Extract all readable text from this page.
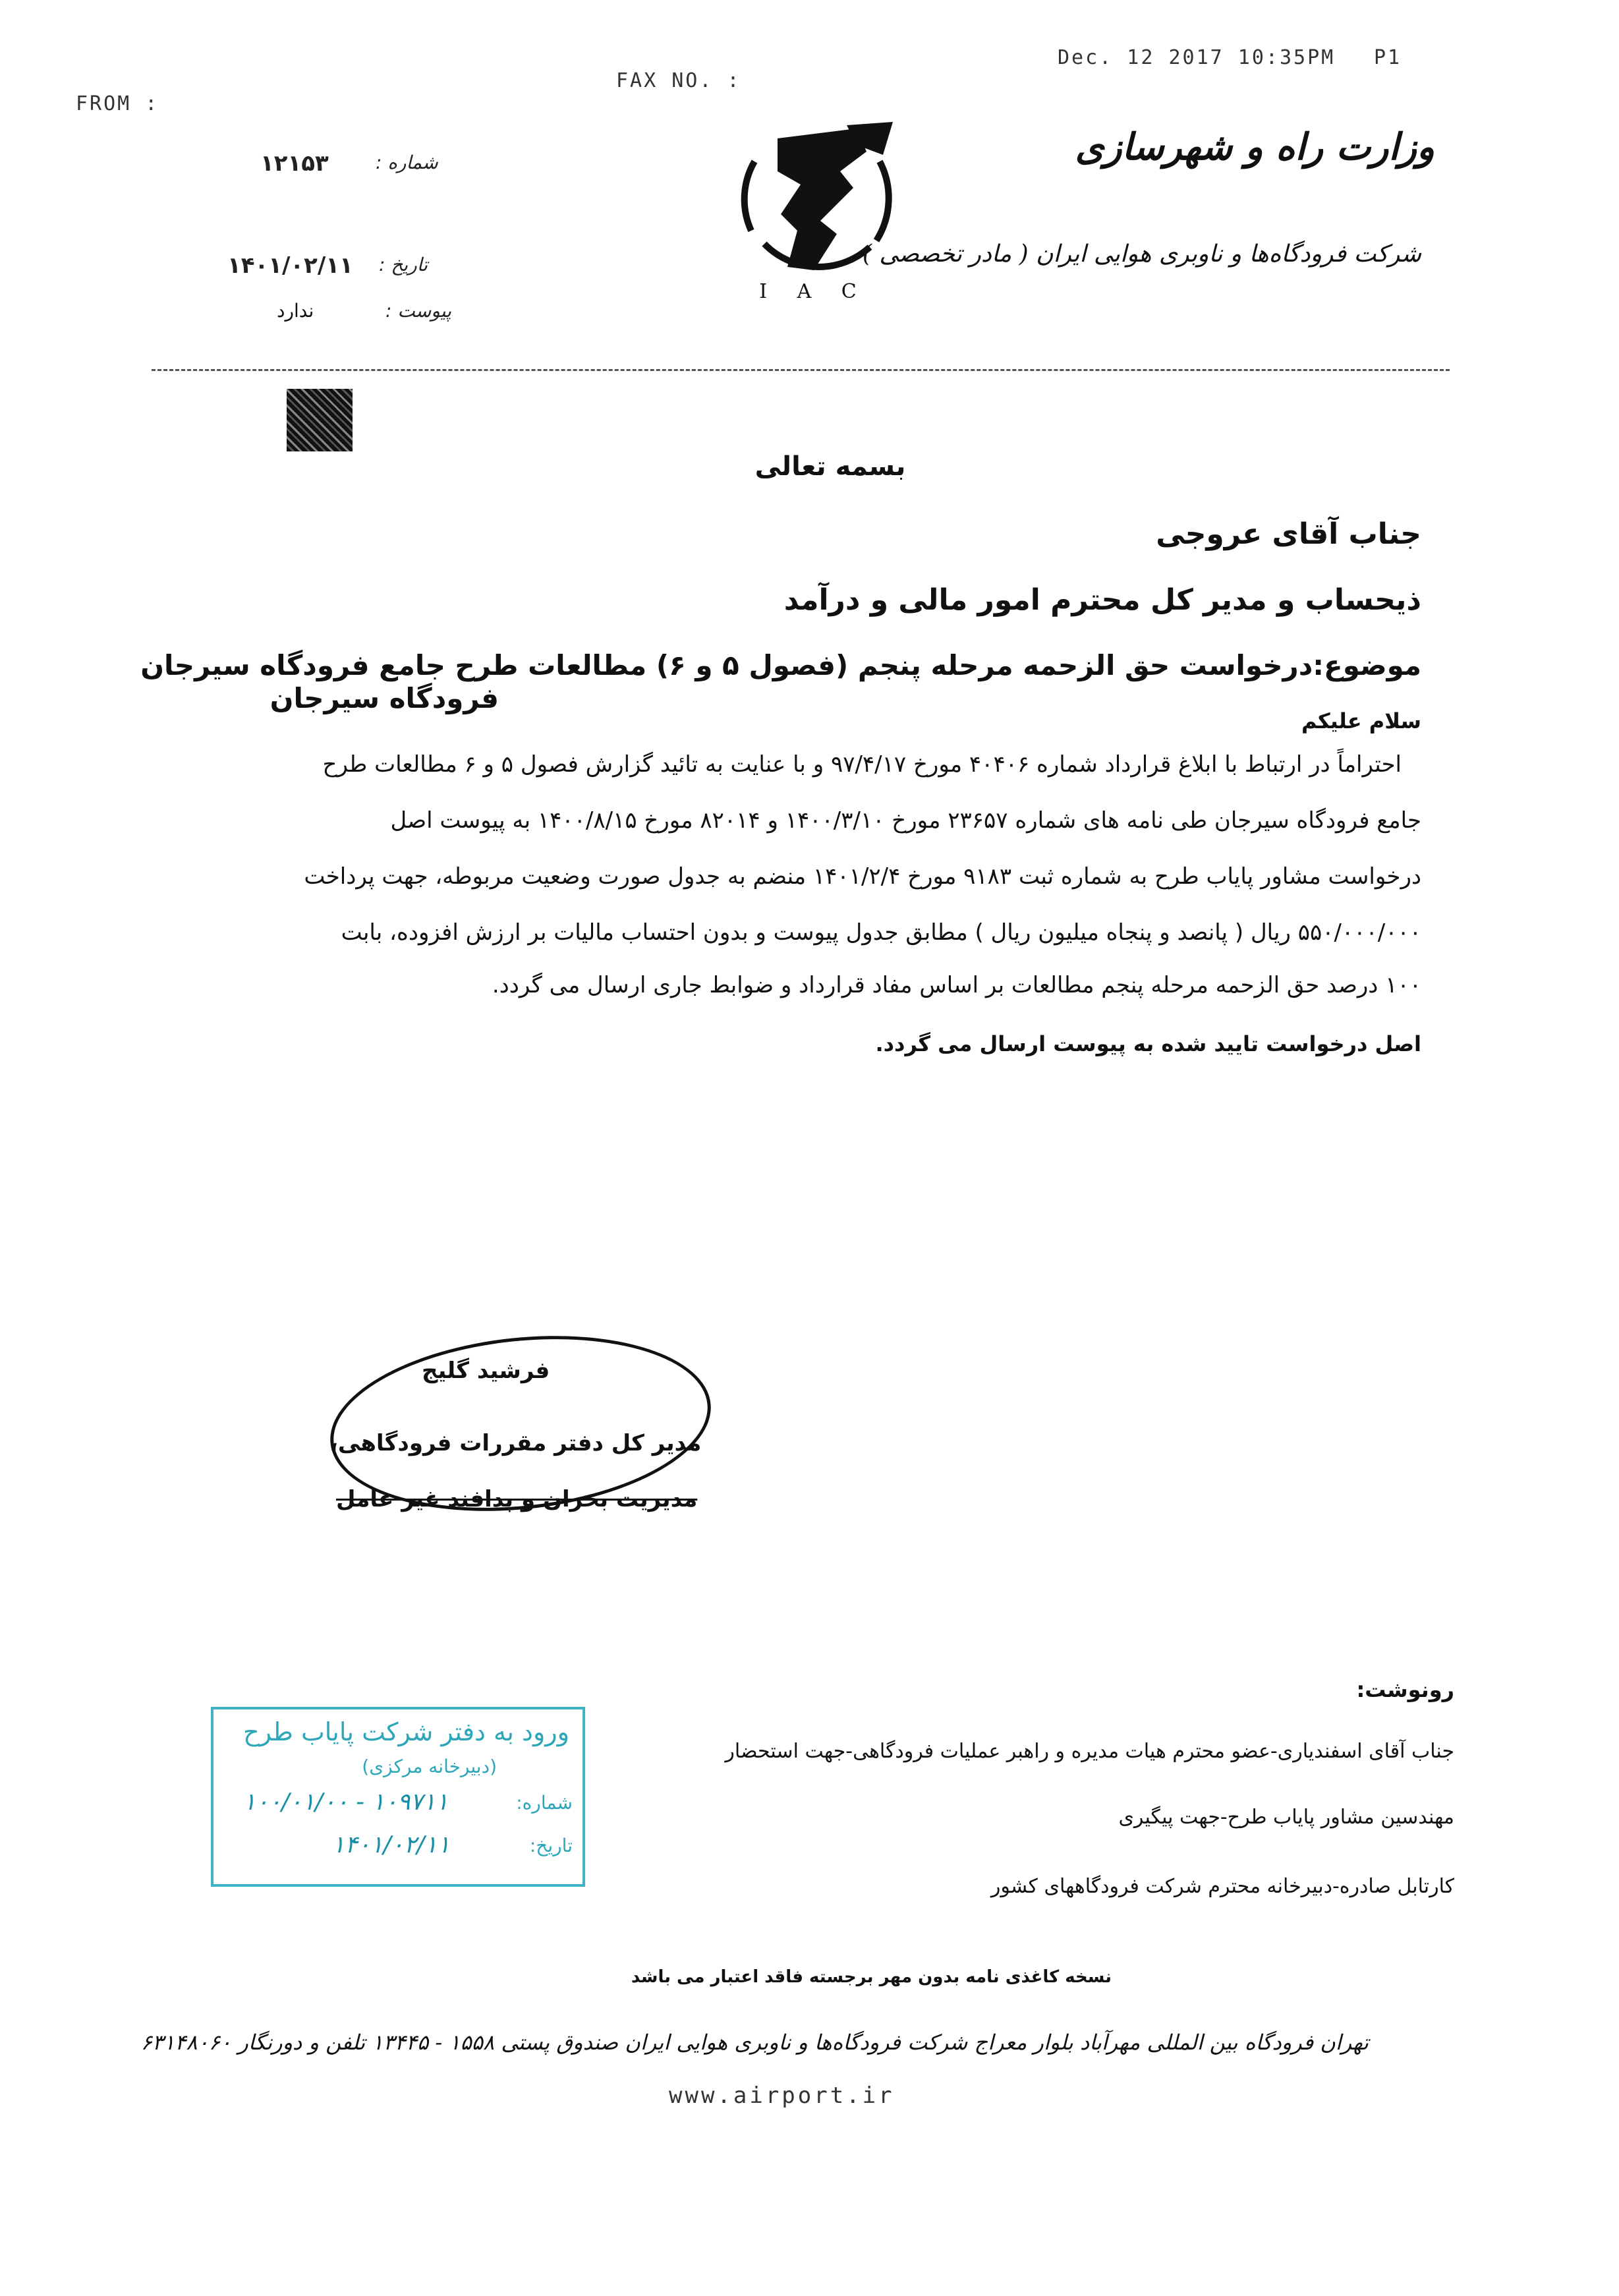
FROM :
FAX NO. :
Dec. 12 2017 10:35PM P1
وزارت راه و شهرسازی
شرکت فرودگاه‌ها و ناوبری هوایی ایران ( مادر تخصصی )
I A C
شماره :
۱۲۱۵۳
تاریخ :
۱۴۰۱/۰۲/۱۱
پیوست :
ندارد
بسمه تعالی
جناب آقای عروجی
ذیحساب و مدیر کل محترم امور مالی و درآمد
موضوع:درخواست حق الزحمه مرحله پنجم (فصول ۵ و ۶) مطالعات طرح جامع فرودگاه سیرجان
فرودگاه سیرجان
سلام علیکم
احتراماً در ارتباط با ابلاغ قرارداد شماره ۴۰۴۰۶ مورخ ۹۷/۴/۱۷ و با عنایت به تائید گزارش فصول ۵ و ۶ مطالعات طرح
جامع فرودگاه سیرجان طی نامه های شماره ۲۳۶۵۷ مورخ ۱۴۰۰/۳/۱۰ و ۸۲۰۱۴ مورخ ۱۴۰۰/۸/۱۵ به پیوست اصل
درخواست مشاور پایاب طرح به شماره ثبت ۹۱۸۳ مورخ ۱۴۰۱/۲/۴ منضم به جدول صورت وضعیت مربوطه، جهت پرداخت
۵۵۰/۰۰۰/۰۰۰ ریال ( پانصد و پنجاه میلیون ریال ) مطابق جدول پیوست و بدون احتساب مالیات بر ارزش افزوده، بابت
۱۰۰ درصد حق الزحمه مرحله پنجم مطالعات بر اساس مفاد قرارداد و ضوابط جاری ارسال می گردد.
اصل درخواست تایید شده به پیوست ارسال می گردد.
فرشید گلیج
مدیر کل دفتر مقررات فرودگاهی،
مدیریت بحران و پدافند غیر عامل
ورود به دفتر شرکت پایاب طرح
(دبیرخانه مرکزی)
شماره:
۱۰۰/۰۱/۰۰ - ۱۰۹۷۱۱
تاریخ:
۱۴۰۱/۰۲/۱۱
رونوشت:
جناب آقای اسفندیاری-عضو محترم هیات مدیره و راهبر عملیات فرودگاهی-جهت استحضار
مهندسین مشاور پایاب طرح-جهت پیگیری
کارتابل صادره-دبیرخانه محترم شرکت فرودگاههای کشور
نسخه کاغذی نامه بدون مهر برجسته فاقد اعتبار می باشد
تهران فرودگاه بین المللی مهرآباد بلوار معراج شرکت فرودگاه‌ها و ناوبری هوایی ایران صندوق پستی ۱۵۵۸ - ۱۳۴۴۵ تلفن و دورنگار ۶۳۱۴۸۰۶۰
www.airport.ir
